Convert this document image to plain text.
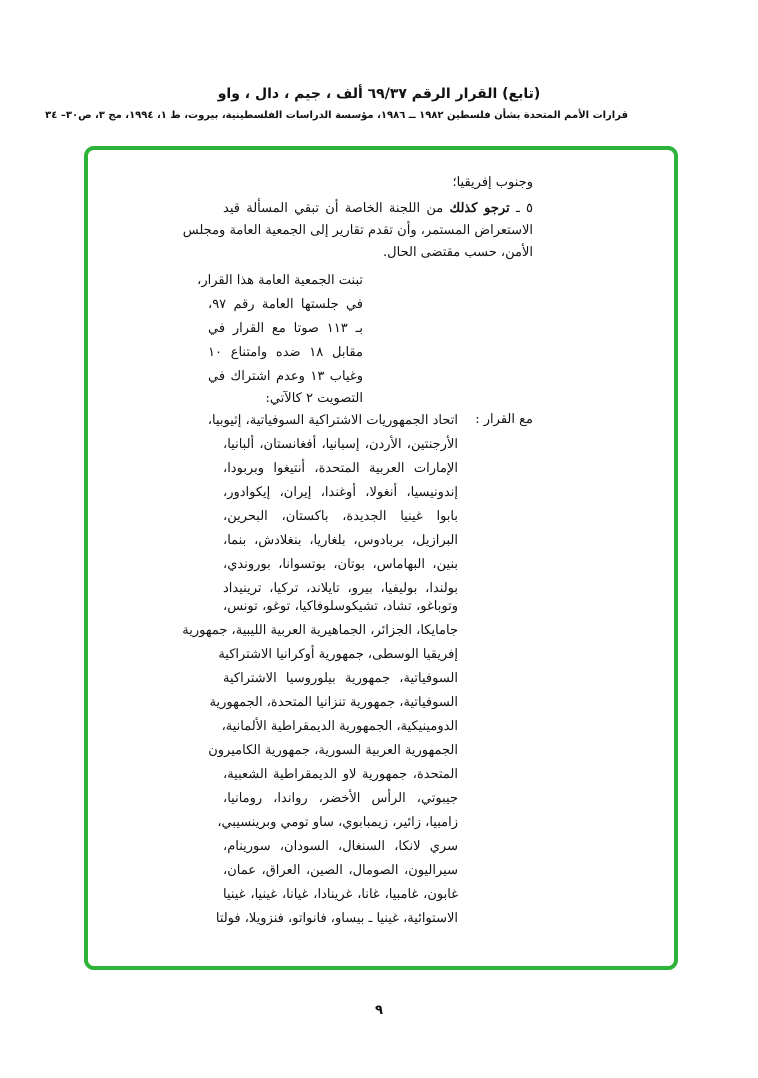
(تابع) القرار الرقم ٦٩/٣٧ ألف ، جيم ، دال ، واو
قرارات الأمم المتحدة بشأن فلسطين ١٩٨٢ ــ ١٩٨٦، مؤسسة الدراسات الفلسطينية، بيروت، ط ١، ١٩٩٤، مج ٣، ص٣٠– ٣٤
وجنوب إفريقيا؛
٥ ـ ترجو كذلك من اللجنة الخاصة أن تبقي المسألة قيد
الاستعراض المستمر، وأن تقدم تقارير إلى الجمعية العامة ومجلس
الأمن، حسب مقتضى الحال.
تبنت الجمعية العامة هذا القرار،
في جلستها العامة رقم ٩٧،
بـ ١١٣ صوتا مع القرار في
مقابل ١٨ ضده وامتناع ١٠
وغياب ١٣ وعدم اشتراك في
التصويت ٢ كالآتي:
مع القرار :
اتحاد الجمهوريات الاشتراكية السوفياتية، إثيوبيا،
الأرجنتين، الأردن، إسبانيا، أفغانستان، ألبانيا،
الإمارات العربية المتحدة، أنتيغوا وبربودا،
إندونيسيا، أنغولا، أوغندا، إيران، إيكوادور،
بابوا غينيا الجديدة، باكستان، البحرين،
البرازيل، بربادوس، بلغاريا، بنغلادش، بنما،
بنين، البهاماس، بوتان، بوتسوانا، بوروندي،
بولندا، بوليفيا، بيرو، تايلاند، تركيا، ترينيداد
وتوباغو، تشاد، تشيكوسلوفاكيا، توغو، تونس،
جامايكا، الجزائر، الجماهيرية العربية الليبية، جمهورية
إفريقيا الوسطى، جمهورية أوكرانيا الاشتراكية
السوفياتية، جمهورية بيلوروسيا الاشتراكية
السوفياتية، جمهورية تنزانيا المتحدة، الجمهورية
الدومينيكية، الجمهورية الديمقراطية الألمانية،
الجمهورية العربية السورية، جمهورية الكاميرون
المتحدة، جمهورية لاو الديمقراطية الشعبية،
جيبوتي، الرأس الأخضر، رواندا، رومانيا،
زامبيا، زائير، زيمبابوي، ساو تومي وبرينسيبي،
سري لانكا، السنغال، السودان، سورينام،
سيراليون، الصومال، الصين، العراق، عمان،
غابون، غامبيا، غانا، غرينادا، غيانا، غينيا، غينيا
الاستوائية، غينيا ـ بيساو، فانواتو، فنزويلا، فولتا
٩
